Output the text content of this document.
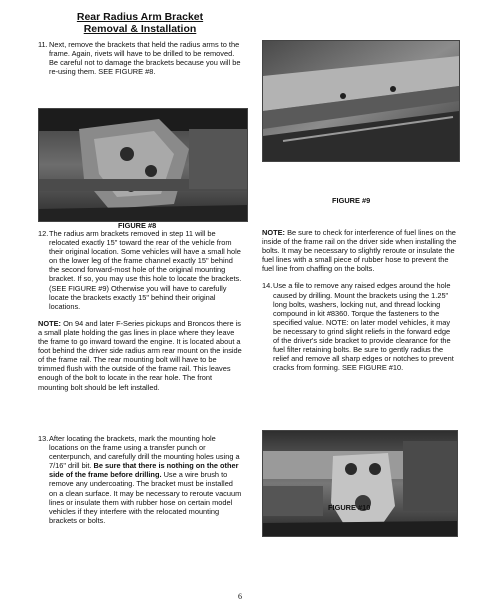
Rear Radius Arm Bracket
Removal & Installation

11. Next, remove the brackets that held the radius arms to the frame. Again, rivets will have to be drilled to be removed. Be careful not to damage the brackets because you will be re-using them. SEE FIGURE #8.

FIGURE #8

12. The radius arm brackets removed in step 11 will be relocated exactly 15" toward the rear of the vehicle from their original location. Some vehicles will have a small hole on the lower leg of the frame channel exactly 15" behind the second forward-most hole of the original mounting bracket. If so, you may use this hole to locate the brackets. (SEE FIGURE #9) Otherwise you will have to carefully locate the brackets exactly 15" behind their original locations.

NOTE: On 94 and later F-Series pickups and Broncos there is a small plate holding the gas lines in place where they leave the frame to go inward toward the engine. It is located about a foot behind the driver side radius arm rear mount on the inside of the frame rail. The rear mounting bolt will have to be trimmed flush with the outside of the frame rail. This leaves enough of the bolt to locate in the rear hole. The front mounting bolt should be left installed.

13. After locating the brackets, mark the mounting hole locations on the frame using a transfer punch or centerpunch, and carefully drill the mounting holes using a 7/16" drill bit. Be sure that there is nothing on the other side of the frame before drilling. Use a wire brush to remove any undercoating. The bracket must be installed on a clean surface. It may be necessary to reroute vacuum lines or insulate them with rubber hose on certain model vehicles if they interfere with the relocated mounting brackets or bolts.

FIGURE #9

NOTE: Be sure to check for interference of fuel lines on the inside of the frame rail on the driver side when installing the bolts. It may be necessary to slightly reroute or insulate the fuel lines with a small piece of rubber hose to prevent the fuel line from chaffing on the bolts.

14. Use a file to remove any raised edges around the hole caused by drilling. Mount the brackets using the 1.25" long bolts, washers, locking nut, and thread locking compound in kit #8360. Torque the fasteners to the specified value. NOTE: on later model vehicles, it may be necessary to grind slight reliefs in the forward edge of the driver's side bracket to provide clearance for the fuel filter retaining bolts. Be sure to gently radius the relief and remove all sharp edges or notches to prevent cracks from forming. SEE FIGURE #10.

FIGURE #10
6
